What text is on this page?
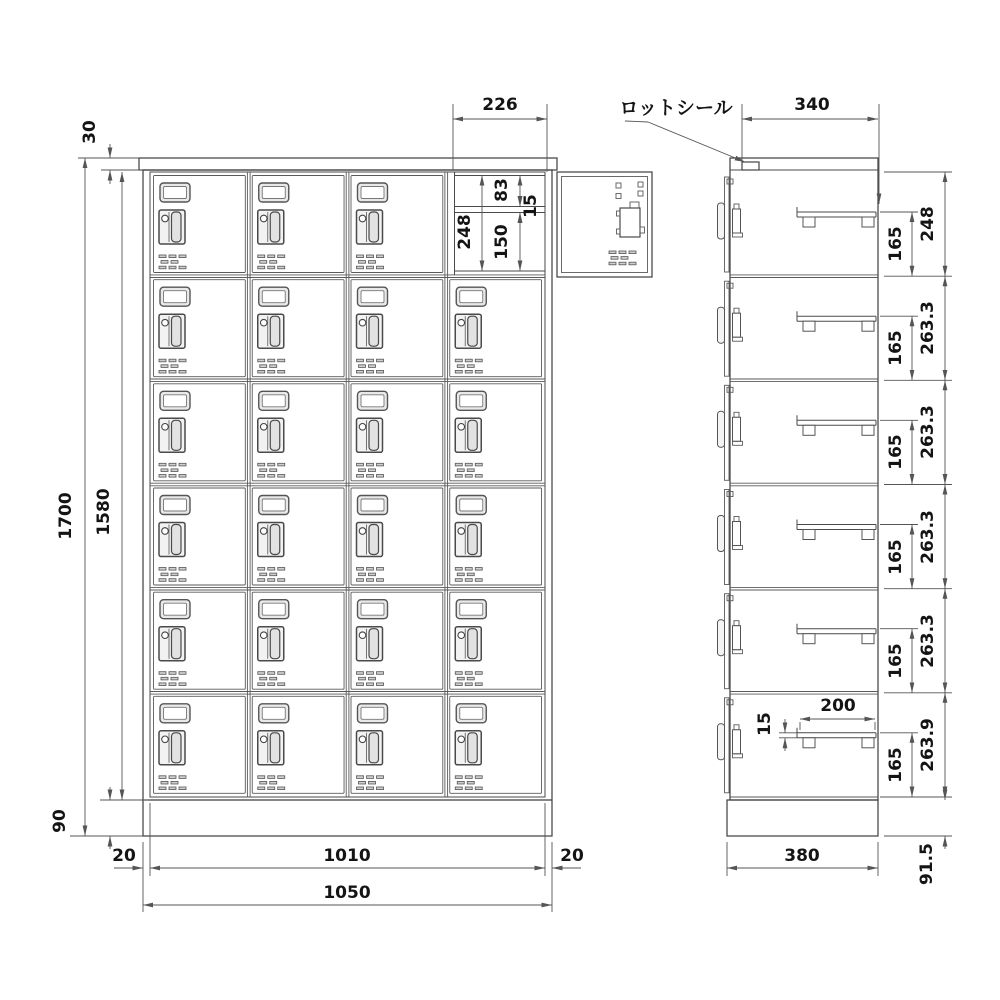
ロットシール
30
1700 1580
90
226
248
83
15
150
20	1010	20
1050
340
165
165
165
165
165
165
248
263.3
263.3
263.3
263.3
263.9
200
15
380	91.5
